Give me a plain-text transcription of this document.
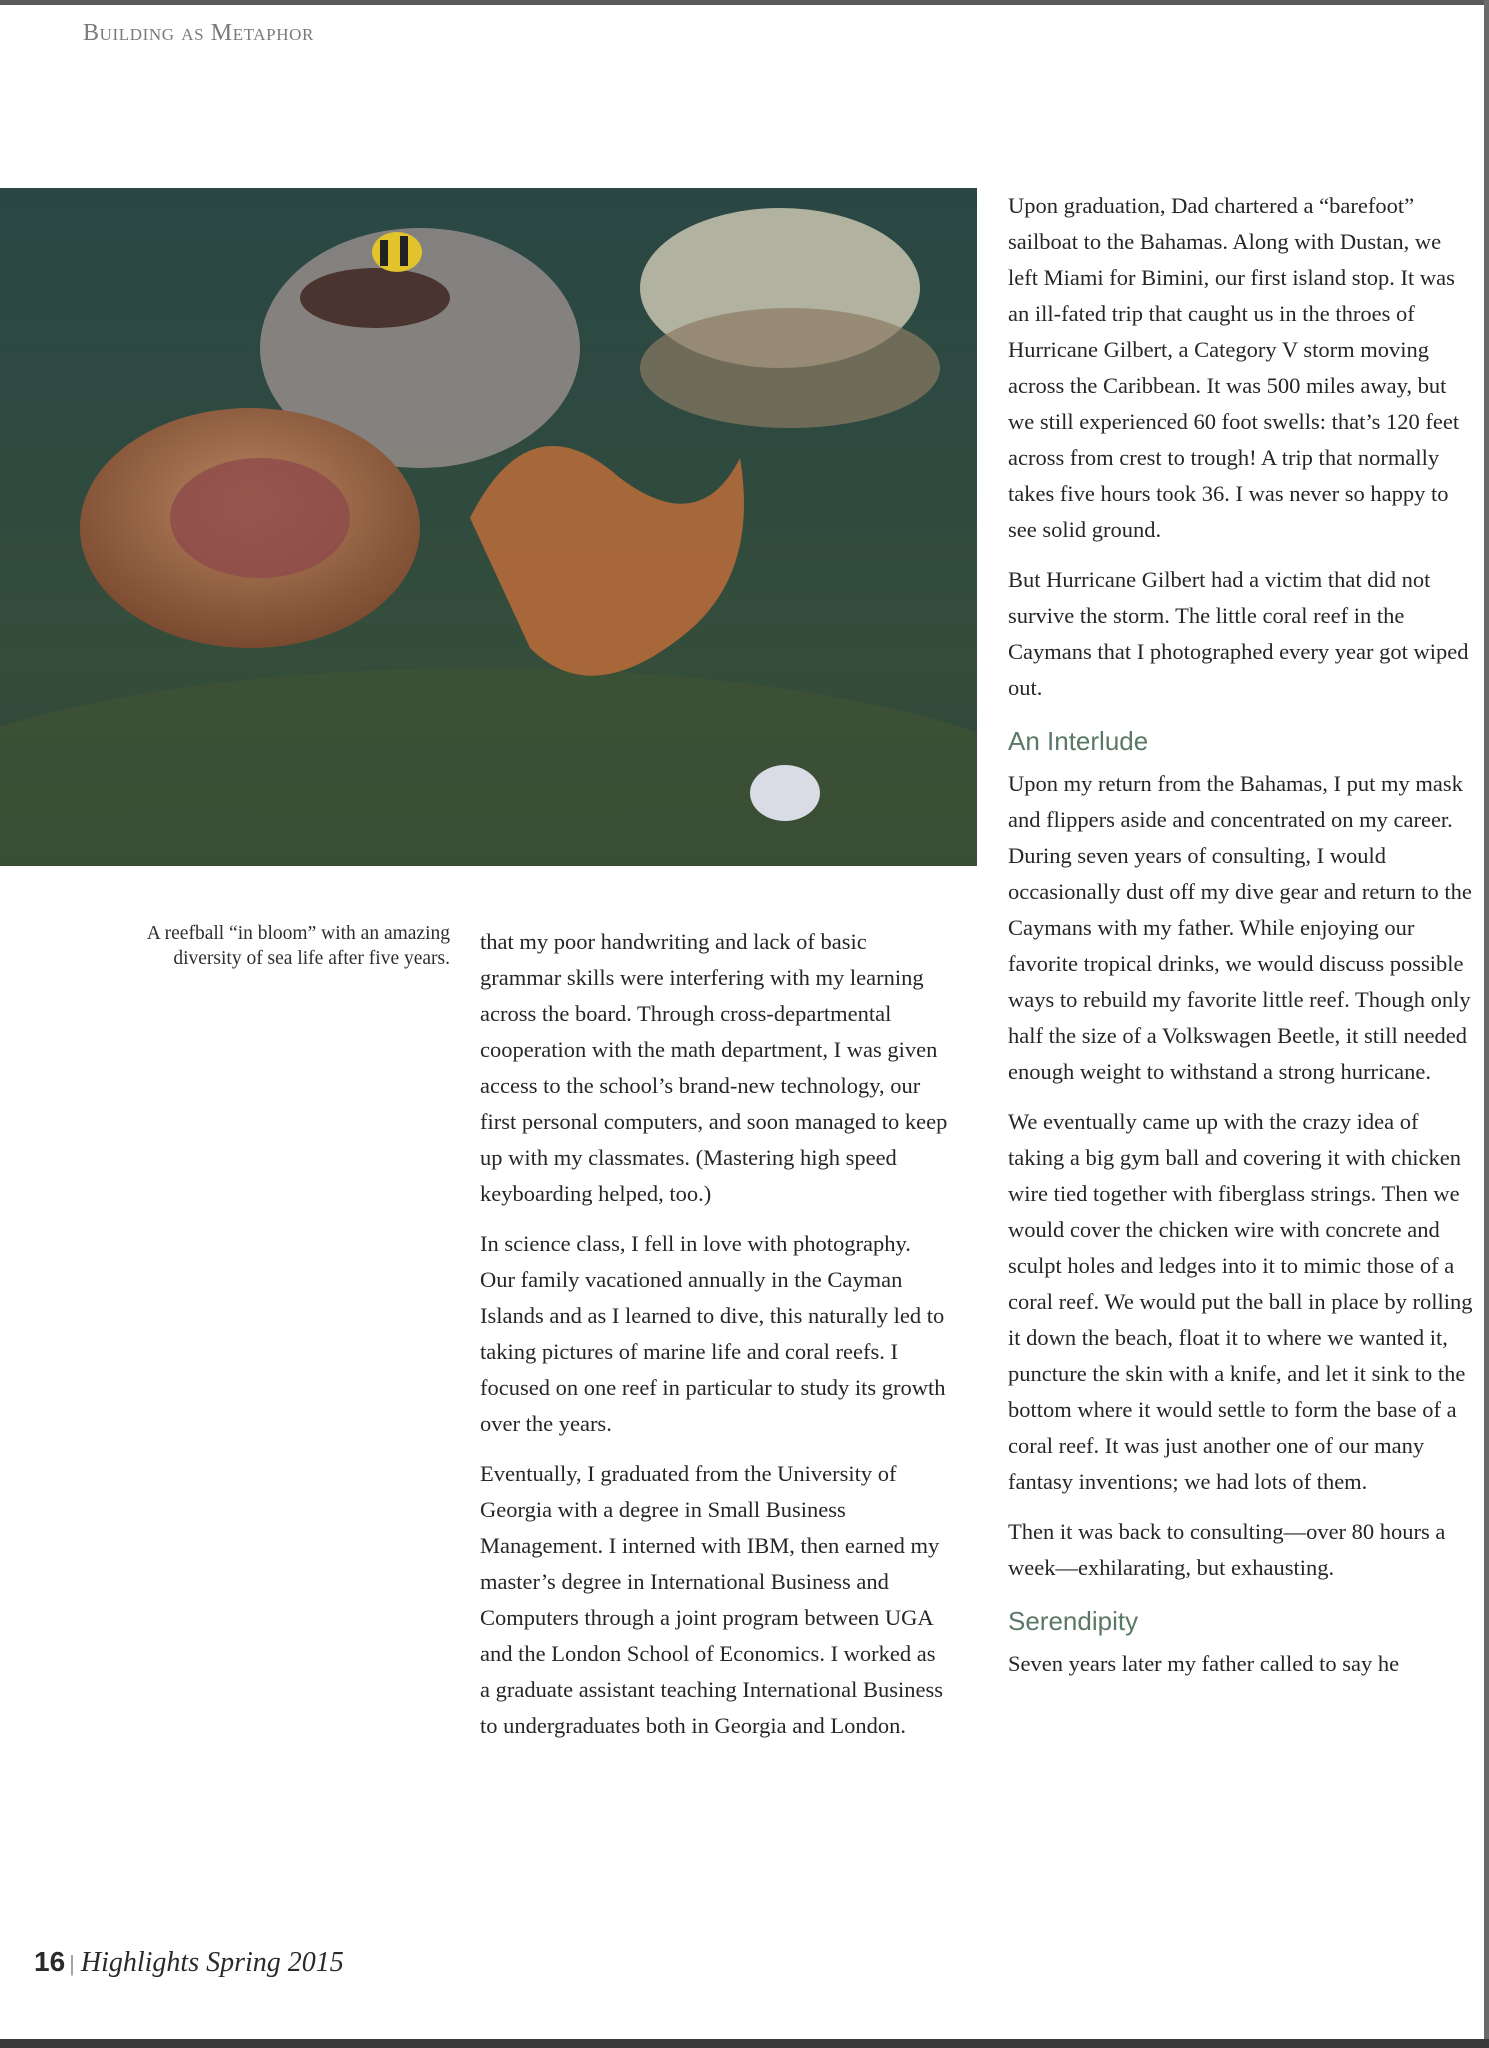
Building as Metaphor
A reefball “in bloom” with an amazing diversity of sea life after five years.

that my poor handwriting and lack of basic grammar skills were interfering with my learning across the board. Through cross-departmental cooperation with the math department, I was given access to the school’s brand-new technology, our first personal computers, and soon managed to keep up with my classmates. (Mastering high speed keyboarding helped, too.)

In science class, I fell in love with photography. Our family vacationed annually in the Cayman Islands and as I learned to dive, this naturally led to taking pictures of marine life and coral reefs. I focused on one reef in particular to study its growth over the years.

Eventually, I graduated from the University of Georgia with a degree in Small Business Management. I interned with IBM, then earned my master’s degree in International Business and Computers through a joint program between UGA and the London School of Economics. I worked as a graduate assistant teaching International Business to undergraduates both in Georgia and London.

Upon graduation, Dad chartered a “barefoot” sailboat to the Bahamas. Along with Dustan, we left Miami for Bimini, our first island stop. It was an ill-fated trip that caught us in the throes of Hurricane Gilbert, a Category V storm moving across the Caribbean. It was 500 miles away, but we still experienced 60 foot swells: that’s 120 feet across from crest to trough! A trip that normally takes five hours took 36. I was never so happy to see solid ground.

But Hurricane Gilbert had a victim that did not survive the storm. The little coral reef in the Caymans that I photographed every year got wiped out.

An Interlude

Upon my return from the Bahamas, I put my mask and flippers aside and concentrated on my career. During seven years of consulting, I would occasionally dust off my dive gear and return to the Caymans with my father. While enjoying our favorite tropical drinks, we would discuss possible ways to rebuild my favorite little reef. Though only half the size of a Volkswagen Beetle, it still needed enough weight to withstand a strong hurricane.

We eventually came up with the crazy idea of taking a big gym ball and covering it with chicken wire tied together with fiberglass strings. Then we would cover the chicken wire with concrete and sculpt holes and ledges into it to mimic those of a coral reef. We would put the ball in place by rolling it down the beach, float it to where we wanted it, puncture the skin with a knife, and let it sink to the bottom where it would settle to form the base of a coral reef. It was just another one of our many fantasy inventions; we had lots of them.

Then it was back to consulting—over 80 hours a week—exhilarating, but exhausting.

Serendipity

Seven years later my father called to say he

16 | Highlights Spring 2015
